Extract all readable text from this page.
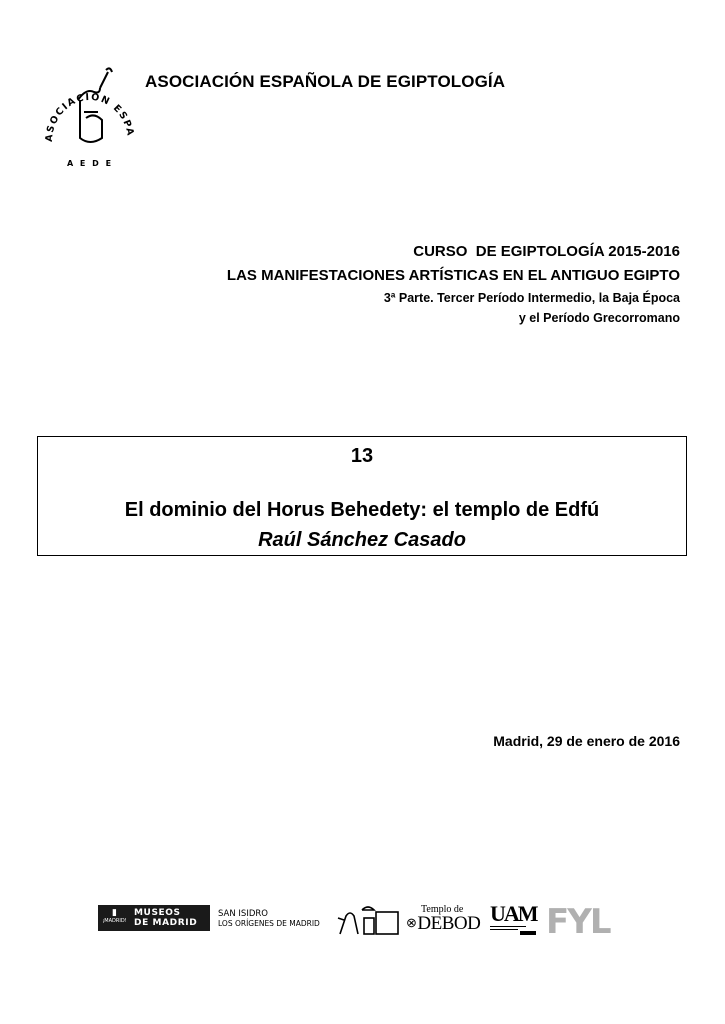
ASOCIACIÓN ESPA
A E D E
ASOCIACIÓN ESPAÑOLA DE EGIPTOLOGÍA
CURSO  DE EGIPTOLOGÍA 2015-2016
LAS MANIFESTACIONES ARTÍSTICAS EN EL ANTIGUO EGIPTO
3ª Parte. Tercer Período Intermedio, la Baja Época
y el Período Grecorromano
13
El dominio del Horus Behedety: el templo de Edfú
Raúl Sánchez Casado
Madrid, 29 de enero de 2016
▮
¡MADRID!
MUSEOS
DE MADRID
SAN ISIDRO
LOS ORÍGENES DE MADRID
Templo de
⊗DEBOD UAM FYL
